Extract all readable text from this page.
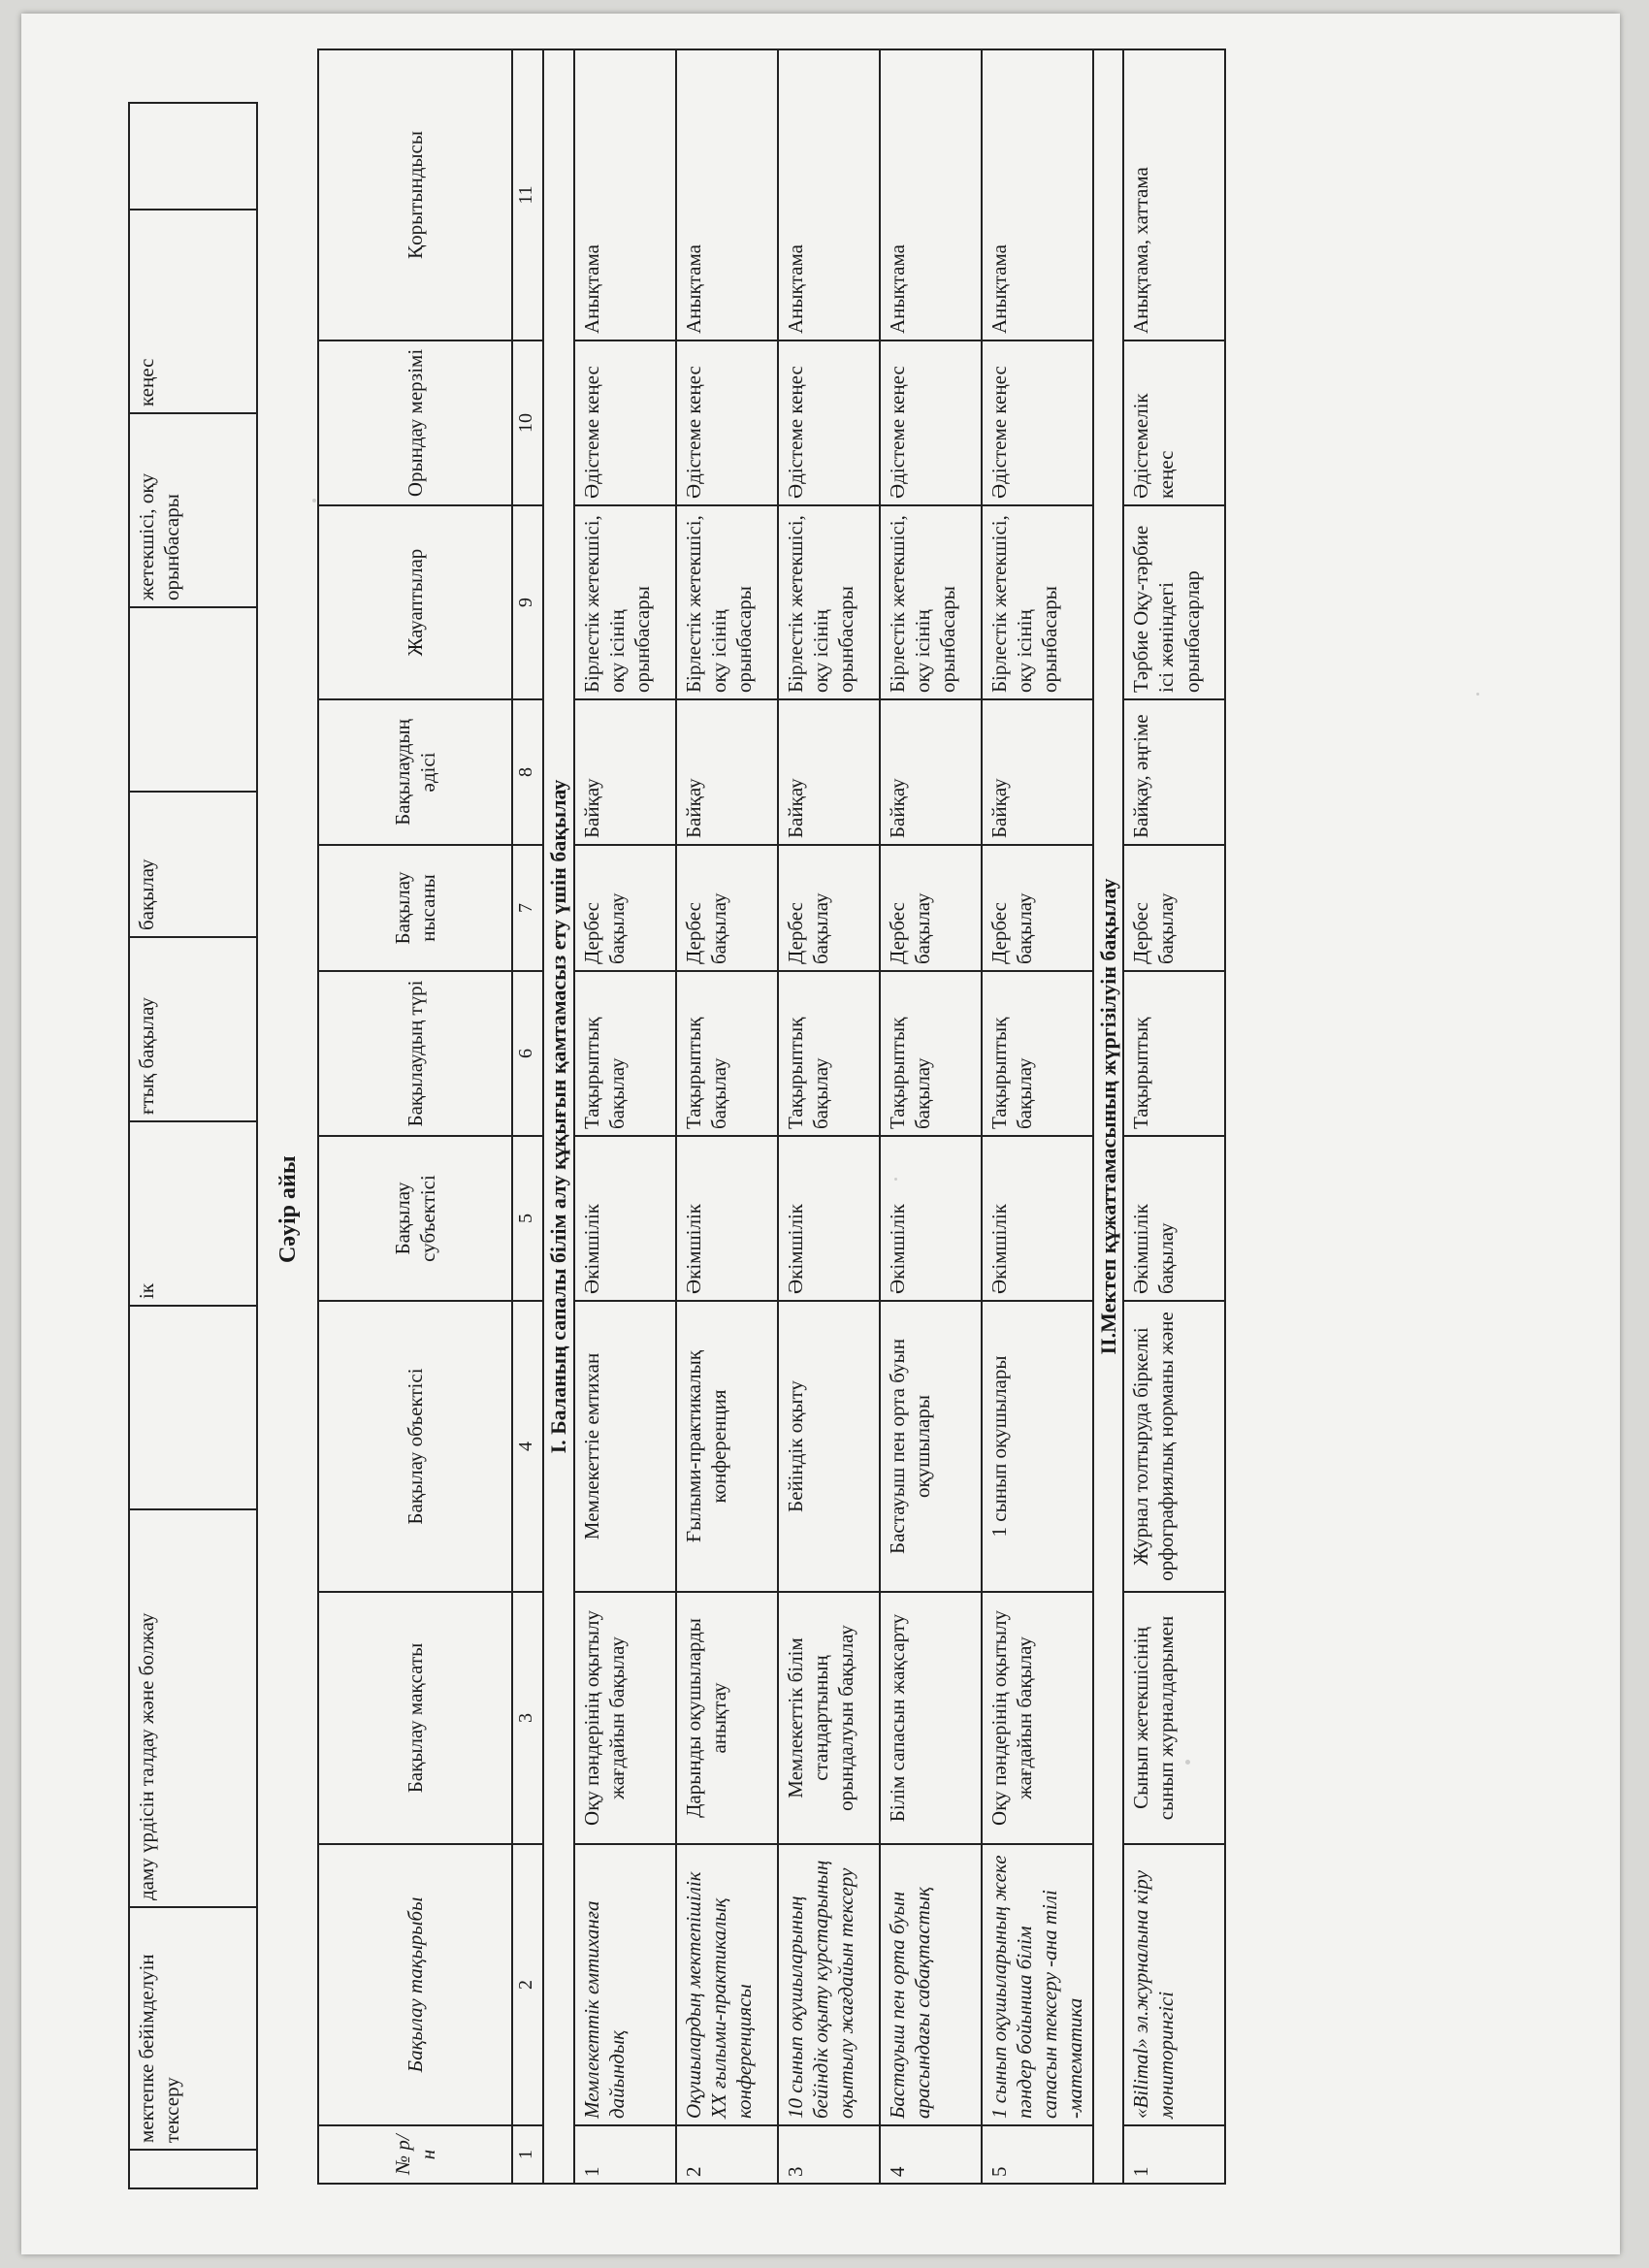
	мектепке бейімделуін тексеру	даму үрдісін талдау және болжау		ік	ғтық бақылау	бақылау		жетекшісі, оқу орынбасары	кеңес	
Сәуір айы
№ р/н	Бақылау тақырыбы	Бақылау мақсаты	Бақылау объектісі	Бақылау субъектісі	Бақылаудың түрі	Бақылау нысаны	Бақылаудың әдісі	Жауаптылар	Орындау мерзімі	Қорытындысы
1	2	3	4	5	6	7	8	9	10	11
І. Баланың сапалы білім алу құқығын қамтамасыз ету үшін бақылау										
1	Мемлекеттік емтиханға дайындық	Оқу пәндерінің оқытылу жағдайын бақылау	Мемлекеттіе емтихан	Әкімшілік	Тақырыптық бақылау	Дербес бақылау	Байқау	Бірлестік жетекшісі, оқу ісінің орынбасары	Әдістеме кеңес	Анықтама
2	Оқушылардың мектепішілік ХХ ғылыми-практикалық конференциясы	Дарынды оқушыларды анықтау	Ғылыми-практикалық конференция	Әкімшілік	Тақырыптық бақылау	Дербес бақылау	Байқау	Бірлестік жетекшісі, оқу ісінің орынбасары	Әдістеме кеңес	Анықтама
3	10 сынып оқушыларының бейіндік оқыту курстарының оқытылу жағдайын тексеру	Мемлекеттік білім стандартының орындалуын бақылау	Бейіндік оқыту	Әкімшілік	Тақырыптық бақылау	Дербес бақылау	Байқау	Бірлестік жетекшісі, оқу ісінің орынбасары	Әдістеме кеңес	Анықтама
4	Бастауыш пен орта буын арасындағы сабақтастық	Білім сапасын жақсарту	Бастауыш пен орта буын оқушылары	Әкімшілік	Тақырыптық бақылау	Дербес бақылау	Байқау	Бірлестік жетекшісі, оқу ісінің орынбасары	Әдістеме кеңес	Анықтама
5	1 сынып оқушыларының жеке пәндер бойынша білім сапасын тексеру -ана тілі -математика	Оқу пәндерінің оқытылу жағдайын бақылау	1 сынып оқушылары	Әкімшілік	Тақырыптық бақылау	Дербес бақылау	Байқау	Бірлестік жетекшісі, оқу ісінің орынбасары	Әдістеме кеңес	Анықтама
ІІ.Мектеп құжаттамасының жүргізілуін бақылау										
1	«Bilimal» эл.журналына кіру мониторингісі	Сынып жетекшісінің сынып журналдарымен	Журнал толтыруда біркелкі орфографиялық норманы және	Әкімшілік бақылау	Тақырыптық	Дербес бақылау	Байқау, әңгіме	Тәрбие Оқу-тәрбие ісі жөніндегі орынбасарлар	Әдістемелік кеңес	Анықтама, хаттама
